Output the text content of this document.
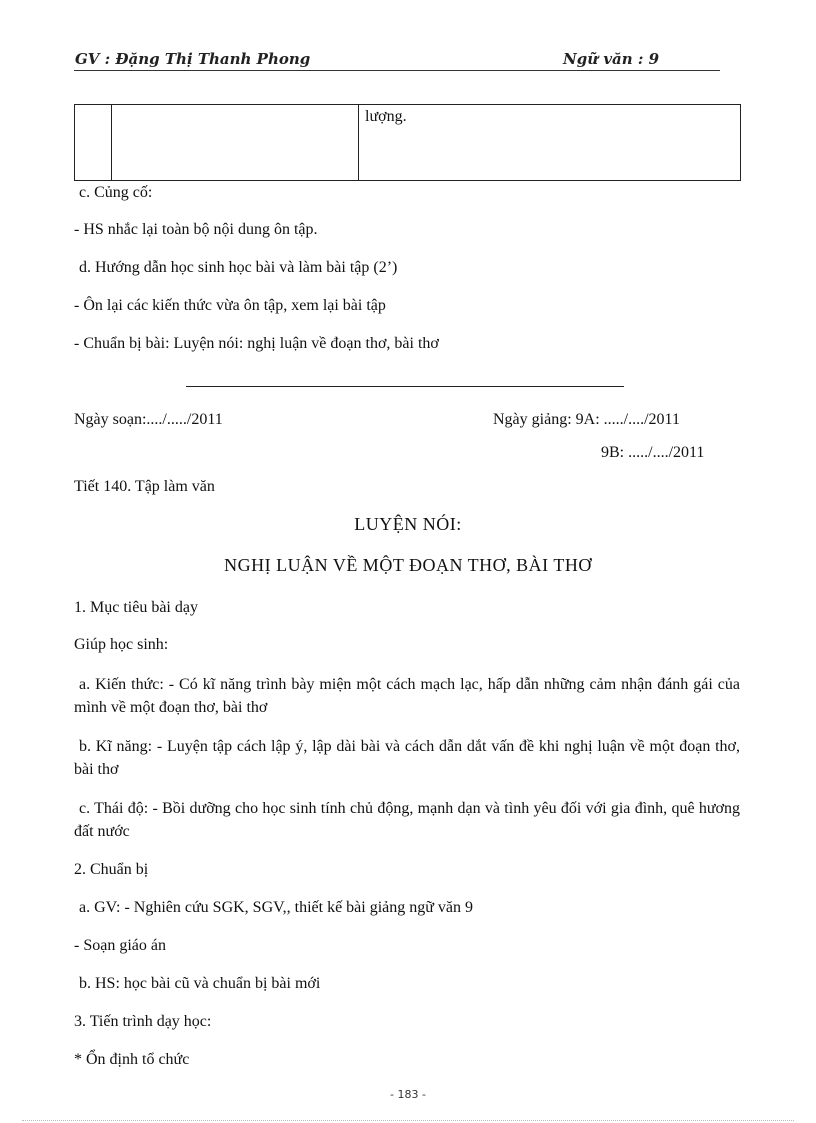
GV : Đặng Thị Thanh Phong	Ngữ văn : 9
		lượng.
c. Củng cố:
- HS nhắc lại toàn bộ nội dung ôn tập.
d. Hướng dẫn học sinh học bài và làm bài tập (2’)
- Ôn lại các kiến thức vừa ôn tập, xem lại bài tập
- Chuẩn bị bài: Luyện nói: nghị luận về đoạn thơ, bài thơ
Ngày soạn:..../...../2011	Ngày giảng: 9A: ...../..../2011
9B: ...../..../2011
Tiết 140. Tập làm văn
LUYỆN NÓI:
NGHỊ LUẬN VỀ MỘT ĐOẠN THƠ, BÀI THƠ
1. Mục tiêu bài dạy
Giúp học sinh:
a. Kiến thức: - Có kĩ năng trình bày miện một cách mạch lạc, hấp dẫn những cảm nhận đánh gái của mình về một đoạn thơ, bài thơ
b. Kĩ năng: - Luyện tập cách lập ý, lập dài bài và cách dẫn dắt vấn đề khi nghị luận về một đoạn thơ, bài thơ
c. Thái độ: - Bồi dưỡng cho học sinh tính chủ động, mạnh dạn và tình yêu đối với gia đình, quê hương đất nước
2. Chuẩn bị
a. GV: - Nghiên cứu SGK, SGV,, thiết kế bài giảng ngữ văn 9
- Soạn giáo án
b. HS: học bài cũ và chuẩn bị bài mới
3. Tiến trình dạy học:
* Ổn định tổ chức
- 183 -
